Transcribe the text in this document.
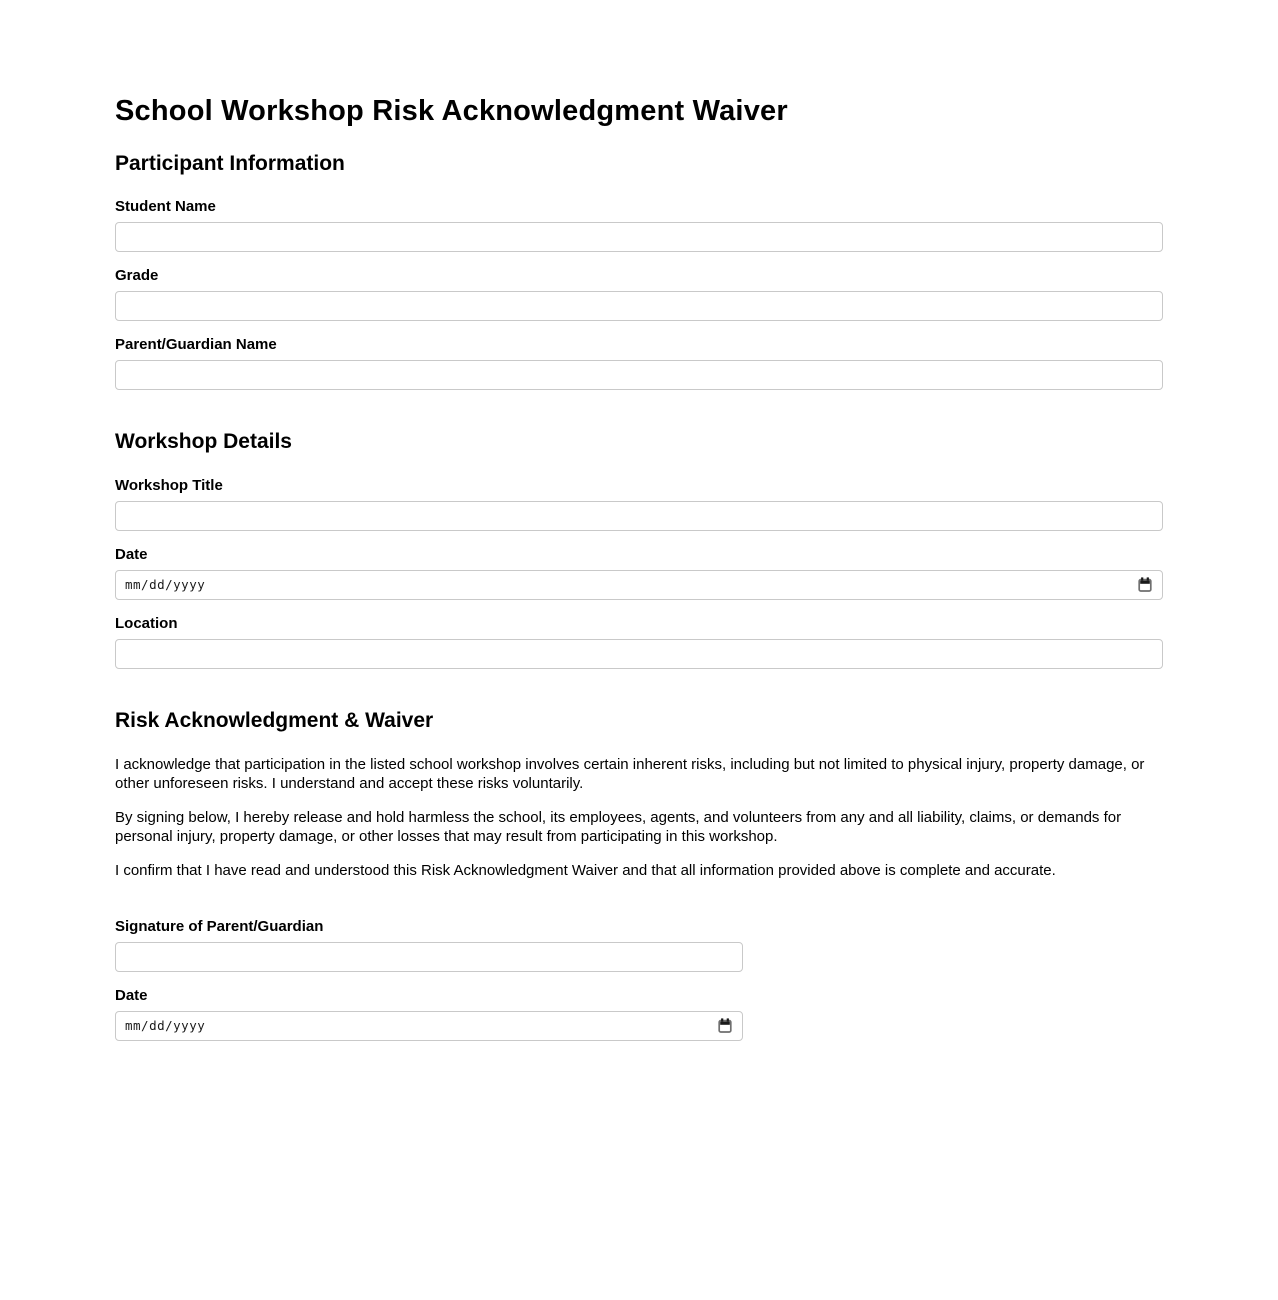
School Workshop Risk Acknowledgment Waiver
Participant Information
Student Name
Grade
Parent/Guardian Name
Workshop Details
Workshop Title
Date
mm/dd/yyyy
Location
Risk Acknowledgment & Waiver

I acknowledge that participation in the listed school workshop involves certain inherent risks, including but not limited to physical injury, property damage, or other unforeseen risks. I understand and accept these risks voluntarily.

By signing below, I hereby release and hold harmless the school, its employees, agents, and volunteers from any and all liability, claims, or demands for personal injury, property damage, or other losses that may result from participating in this workshop.

I confirm that I have read and understood this Risk Acknowledgment Waiver and that all information provided above is complete and accurate.

Signature of Parent/Guardian
Date
mm/dd/yyyy
